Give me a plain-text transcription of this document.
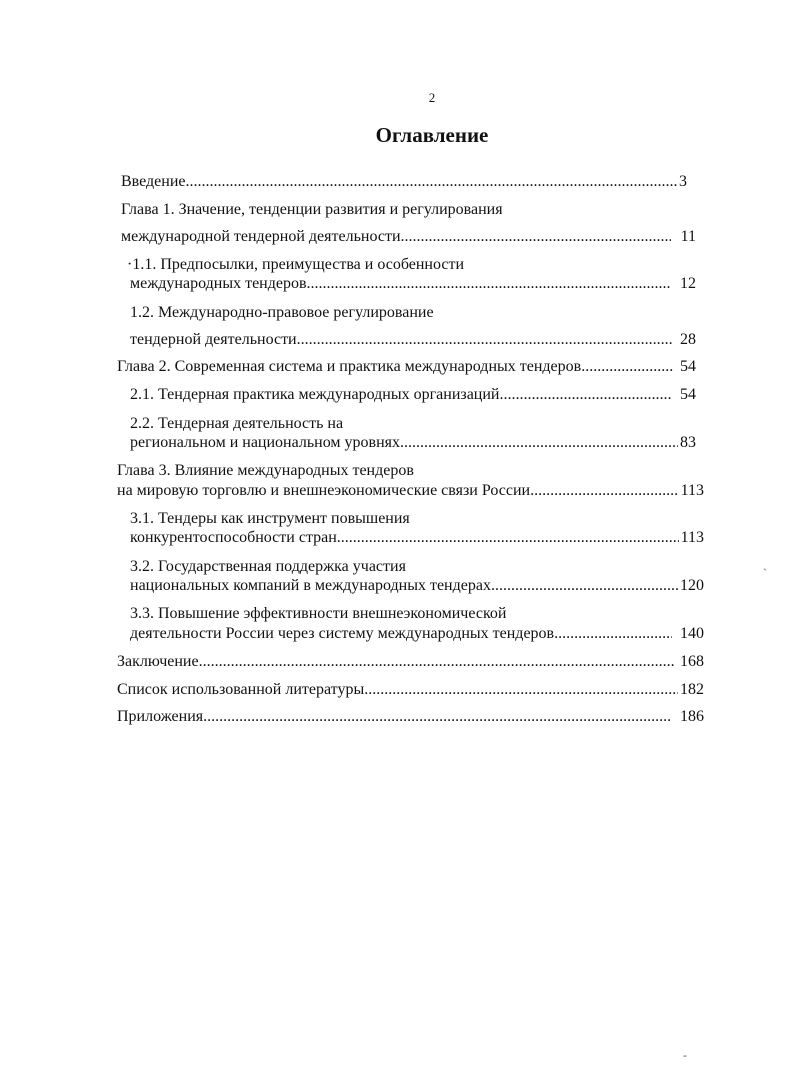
2
Оглавление
Введение .....	3
Глава 1. Значение, тенденции развития и регулирования
международной тендерной деятельности .....	11
·1.1. Предпосылки, преимущества и особенности
международных тендеров .....	12
1.2. Международно-правовое регулирование
тендерной деятельности .....	28
Глава 2. Современная система и практика международных тендеров .....	54
2.1. Тендерная практика международных организаций .....	54
2.2. Тендерная деятельность на
региональном и национальном уровнях .....	83
Глава 3. Влияние международных тендеров
на мировую торговлю и внешнеэкономические связи России .....	113
3.1. Тендеры как инструмент повышения
конкурентоспособности стран .....	113
3.2. Государственная поддержка участия
национальных компаний в международных тендерах .....	120
3.3. Повышение эффективности внешнеэкономической
деятельности России через систему международных тендеров .....	140
Заключение .....	168
Список использованной литературы .....	182
Приложения .....	186
`
-
